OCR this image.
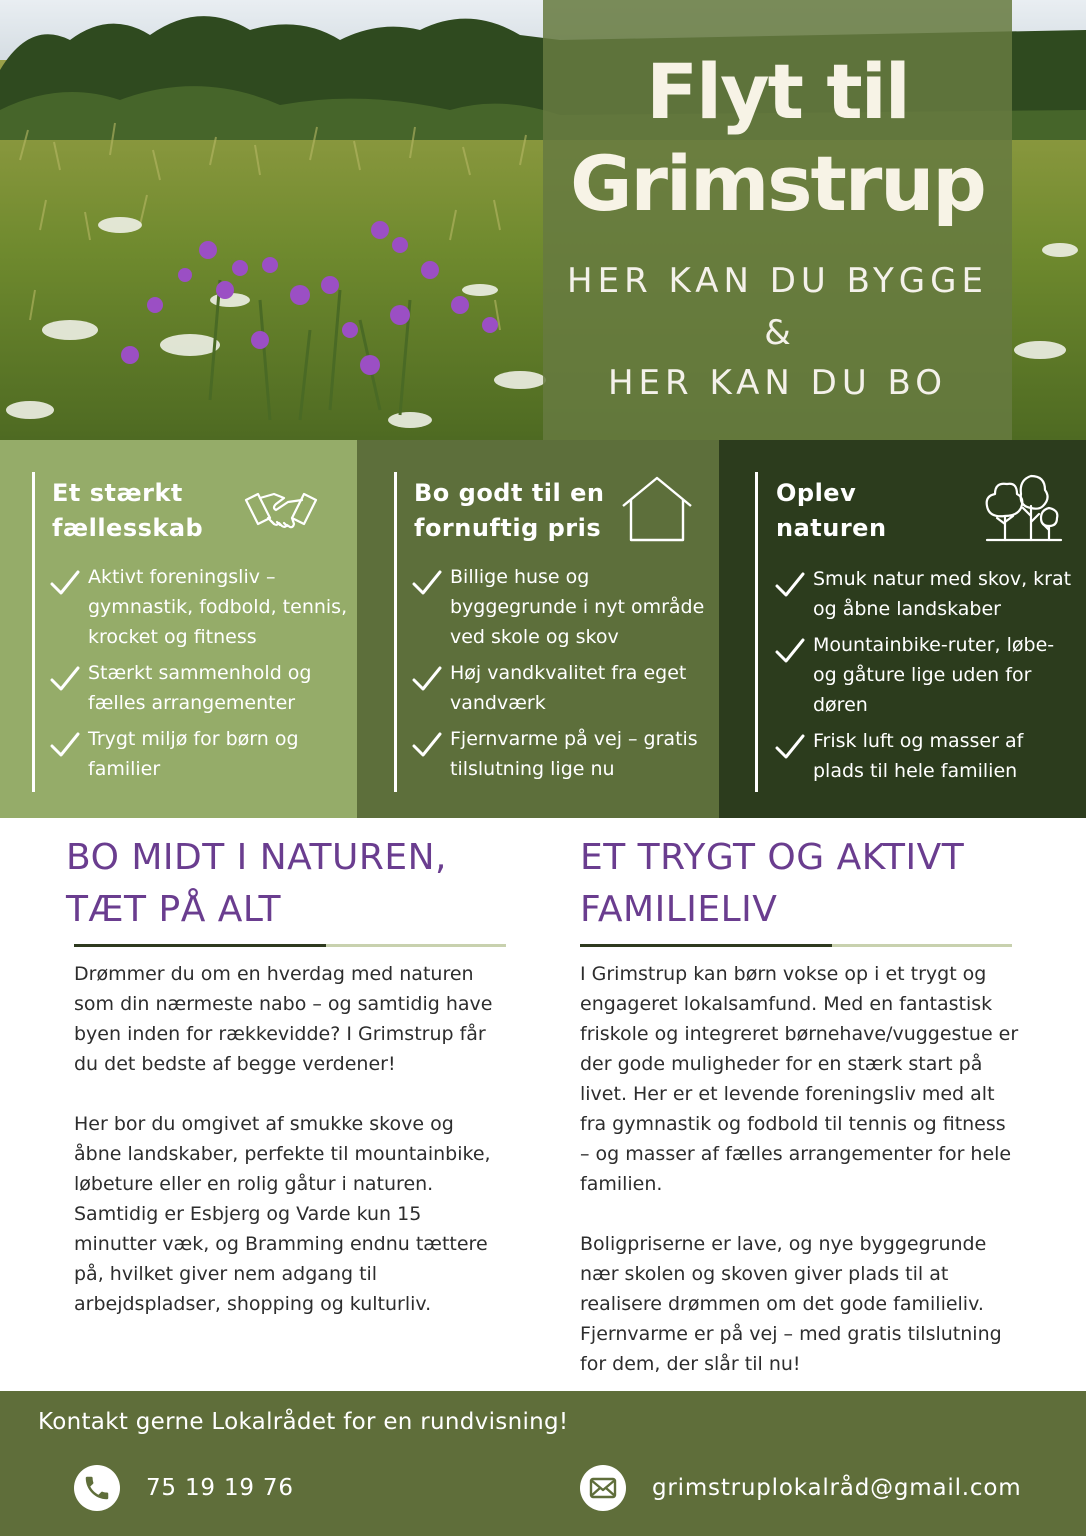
Flyt til
Grimstrup
HER KAN DU BYGGE
&
HER KAN DU BO
Et stærkt
fællesskab
Aktivt foreningsliv – gymnastik, fodbold, tennis, krocket og fitness
Stærkt sammenhold og fælles arrangementer
Trygt miljø for børn og familier
Bo godt til en
fornuftig pris
Billige huse og byggegrunde i nyt område ved skole og skov
Høj vandkvalitet fra eget vandværk
Fjernvarme på vej – gratis tilslutning lige nu
Oplev
naturen
Smuk natur med skov, krat og åbne landskaber
Mountainbike-ruter, løbe- og gåture lige uden for døren
Frisk luft og masser af plads til hele familien
BO MIDT I NATUREN,
TÆT PÅ ALT

Drømmer du om en hverdag med naturen som din nærmeste nabo – og samtidig have byen inden for rækkevidde? I Grimstrup får du det bedste af begge verdener!

Her bor du omgivet af smukke skove og åbne landskaber, perfekte til mountainbike, løbeture eller en rolig gåtur i naturen. Samtidig er Esbjerg og Varde kun 15 minutter væk, og Bramming endnu tættere på, hvilket giver nem adgang til arbejdspladser, shopping og kulturliv.

ET TRYGT OG AKTIVT
FAMILIELIV

I Grimstrup kan børn vokse op i et trygt og engageret lokalsamfund. Med en fantastisk friskole og integreret børnehave/vuggestue er der gode muligheder for en stærk start på livet. Her er et levende foreningsliv med alt fra gymnastik og fodbold til tennis og fitness – og masser af fælles arrangementer for hele familien.

Boligpriserne er lave, og nye byggegrunde nær skolen og skoven giver plads til at realisere drømmen om det gode familieliv. Fjernvarme er på vej – med gratis tilslutning for dem, der slår til nu!

Kontakt gerne Lokalrådet for en rundvisning!
75 19 19 76	grimstruplokalråd@gmail.com
